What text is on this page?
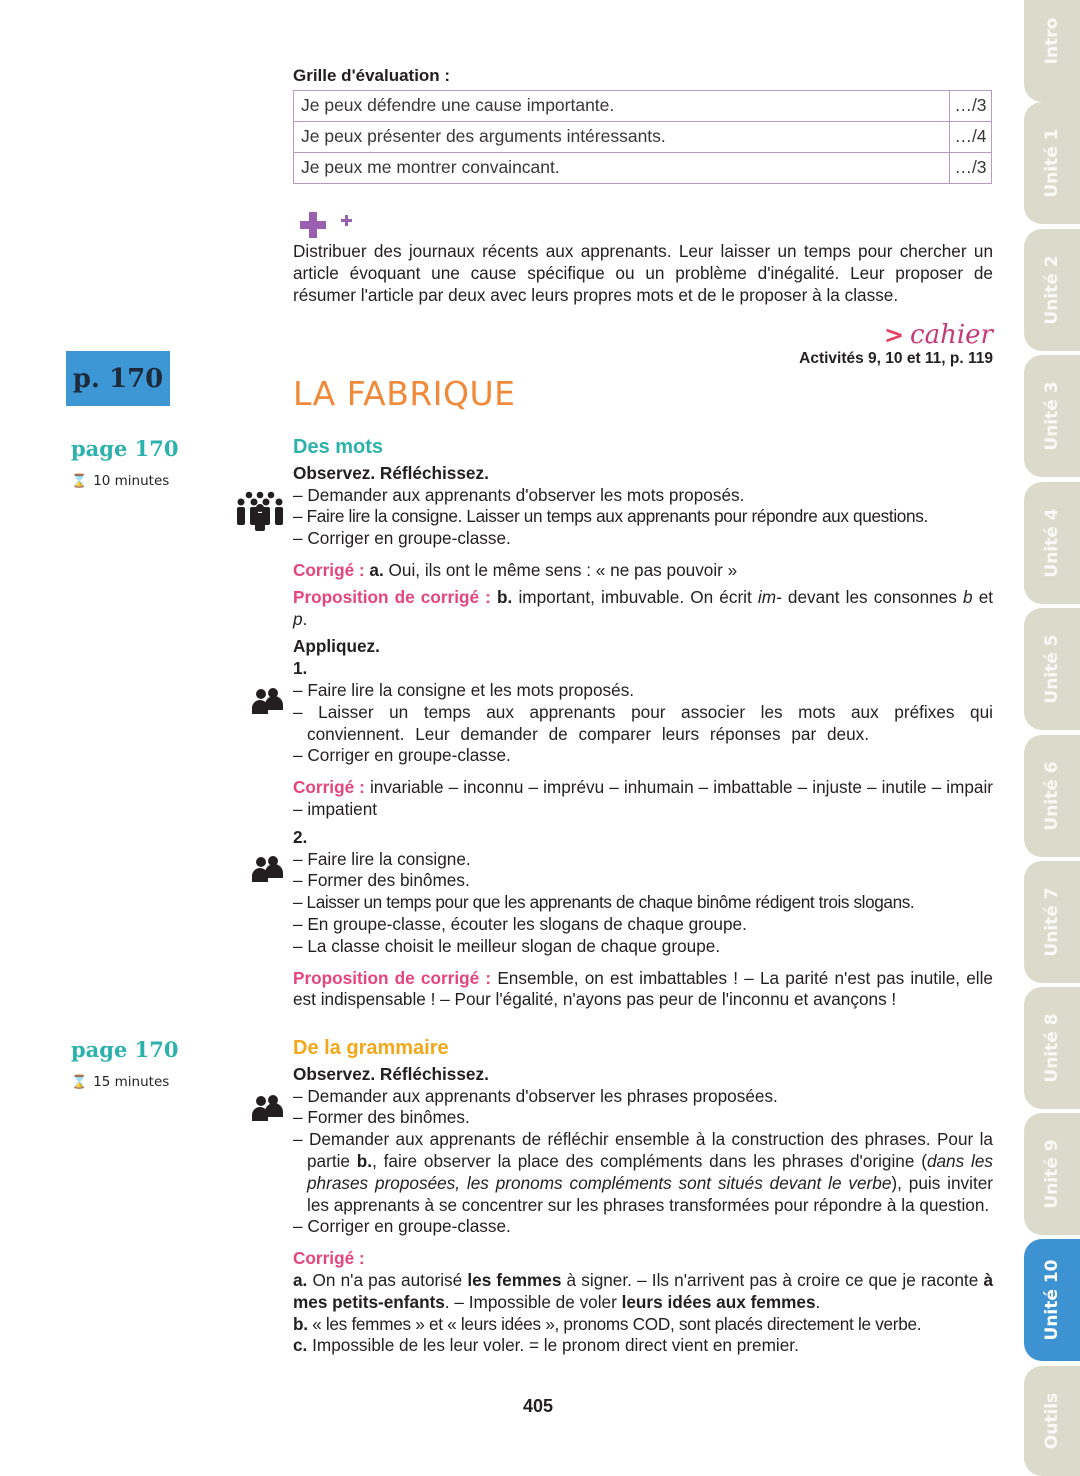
Grille d'évaluation :
Je peux défendre une cause importante.	…/3
Je peux présenter des arguments intéressants.	…/4
Je peux me montrer convaincant.	…/3
Distribuer des journaux récents aux apprenants. Leur laisser un temps pour chercher un article évoquant une cause spécifique ou un problème d'inégalité. Leur proposer de résumer l'article par deux avec leurs propres mots et de le proposer à la classe.
> cahier
Activités 9, 10 et 11, p. 119
p. 170	LA FABRIQUE
page 170
⌛ 10 minutes
Des mots
Observez. Réfléchissez.
– Demander aux apprenants d'observer les mots proposés.
– Faire lire la consigne. Laisser un temps aux apprenants pour répondre aux questions.
– Corriger en groupe-classe.
Corrigé : a. Oui, ils ont le même sens : « ne pas pouvoir »
Proposition de corrigé : b. important, imbuvable. On écrit im- devant les consonnes b et p.
Appliquez.
1.
– Faire lire la consigne et les mots proposés.
– Laisser un temps aux apprenants pour associer les mots aux préfixes qui conviennent. Leur demander de comparer leurs réponses par deux.
– Corriger en groupe-classe.
Corrigé : invariable – inconnu – imprévu – inhumain – imbattable – injuste – inutile – impair – impatient
2.
– Faire lire la consigne.
– Former des binômes.
– Laisser un temps pour que les apprenants de chaque binôme rédigent trois slogans.
– En groupe-classe, écouter les slogans de chaque groupe.
– La classe choisit le meilleur slogan de chaque groupe.
Proposition de corrigé : Ensemble, on est imbattables ! – La parité n'est pas inutile, elle est indispensable ! – Pour l'égalité, n'ayons pas peur de l'inconnu et avançons !
page 170
⌛ 15 minutes
De la grammaire
Observez. Réfléchissez.
– Demander aux apprenants d'observer les phrases proposées.
– Former des binômes.
– Demander aux apprenants de réfléchir ensemble à la construction des phrases. Pour la partie b., faire observer la place des compléments dans les phrases d'origine (dans les phrases proposées, les pronoms compléments sont situés devant le verbe), puis inviter les apprenants à se concentrer sur les phrases transformées pour répondre à la question.
– Corriger en groupe-classe.
Corrigé :
a. On n'a pas autorisé les femmes à signer. – Ils n'arrivent pas à croire ce que je raconte à mes petits-enfants. – Impossible de voler leurs idées aux femmes.
b. « les femmes » et « leurs idées », pronoms COD, sont placés directement le verbe.
c. Impossible de les leur voler. = le pronom direct vient en premier.
405
Intro
Unité 1
Unité 2
Unité 3
Unité 4
Unité 5
Unité 6
Unité 7
Unité 8
Unité 9
Unité 10
Outils
